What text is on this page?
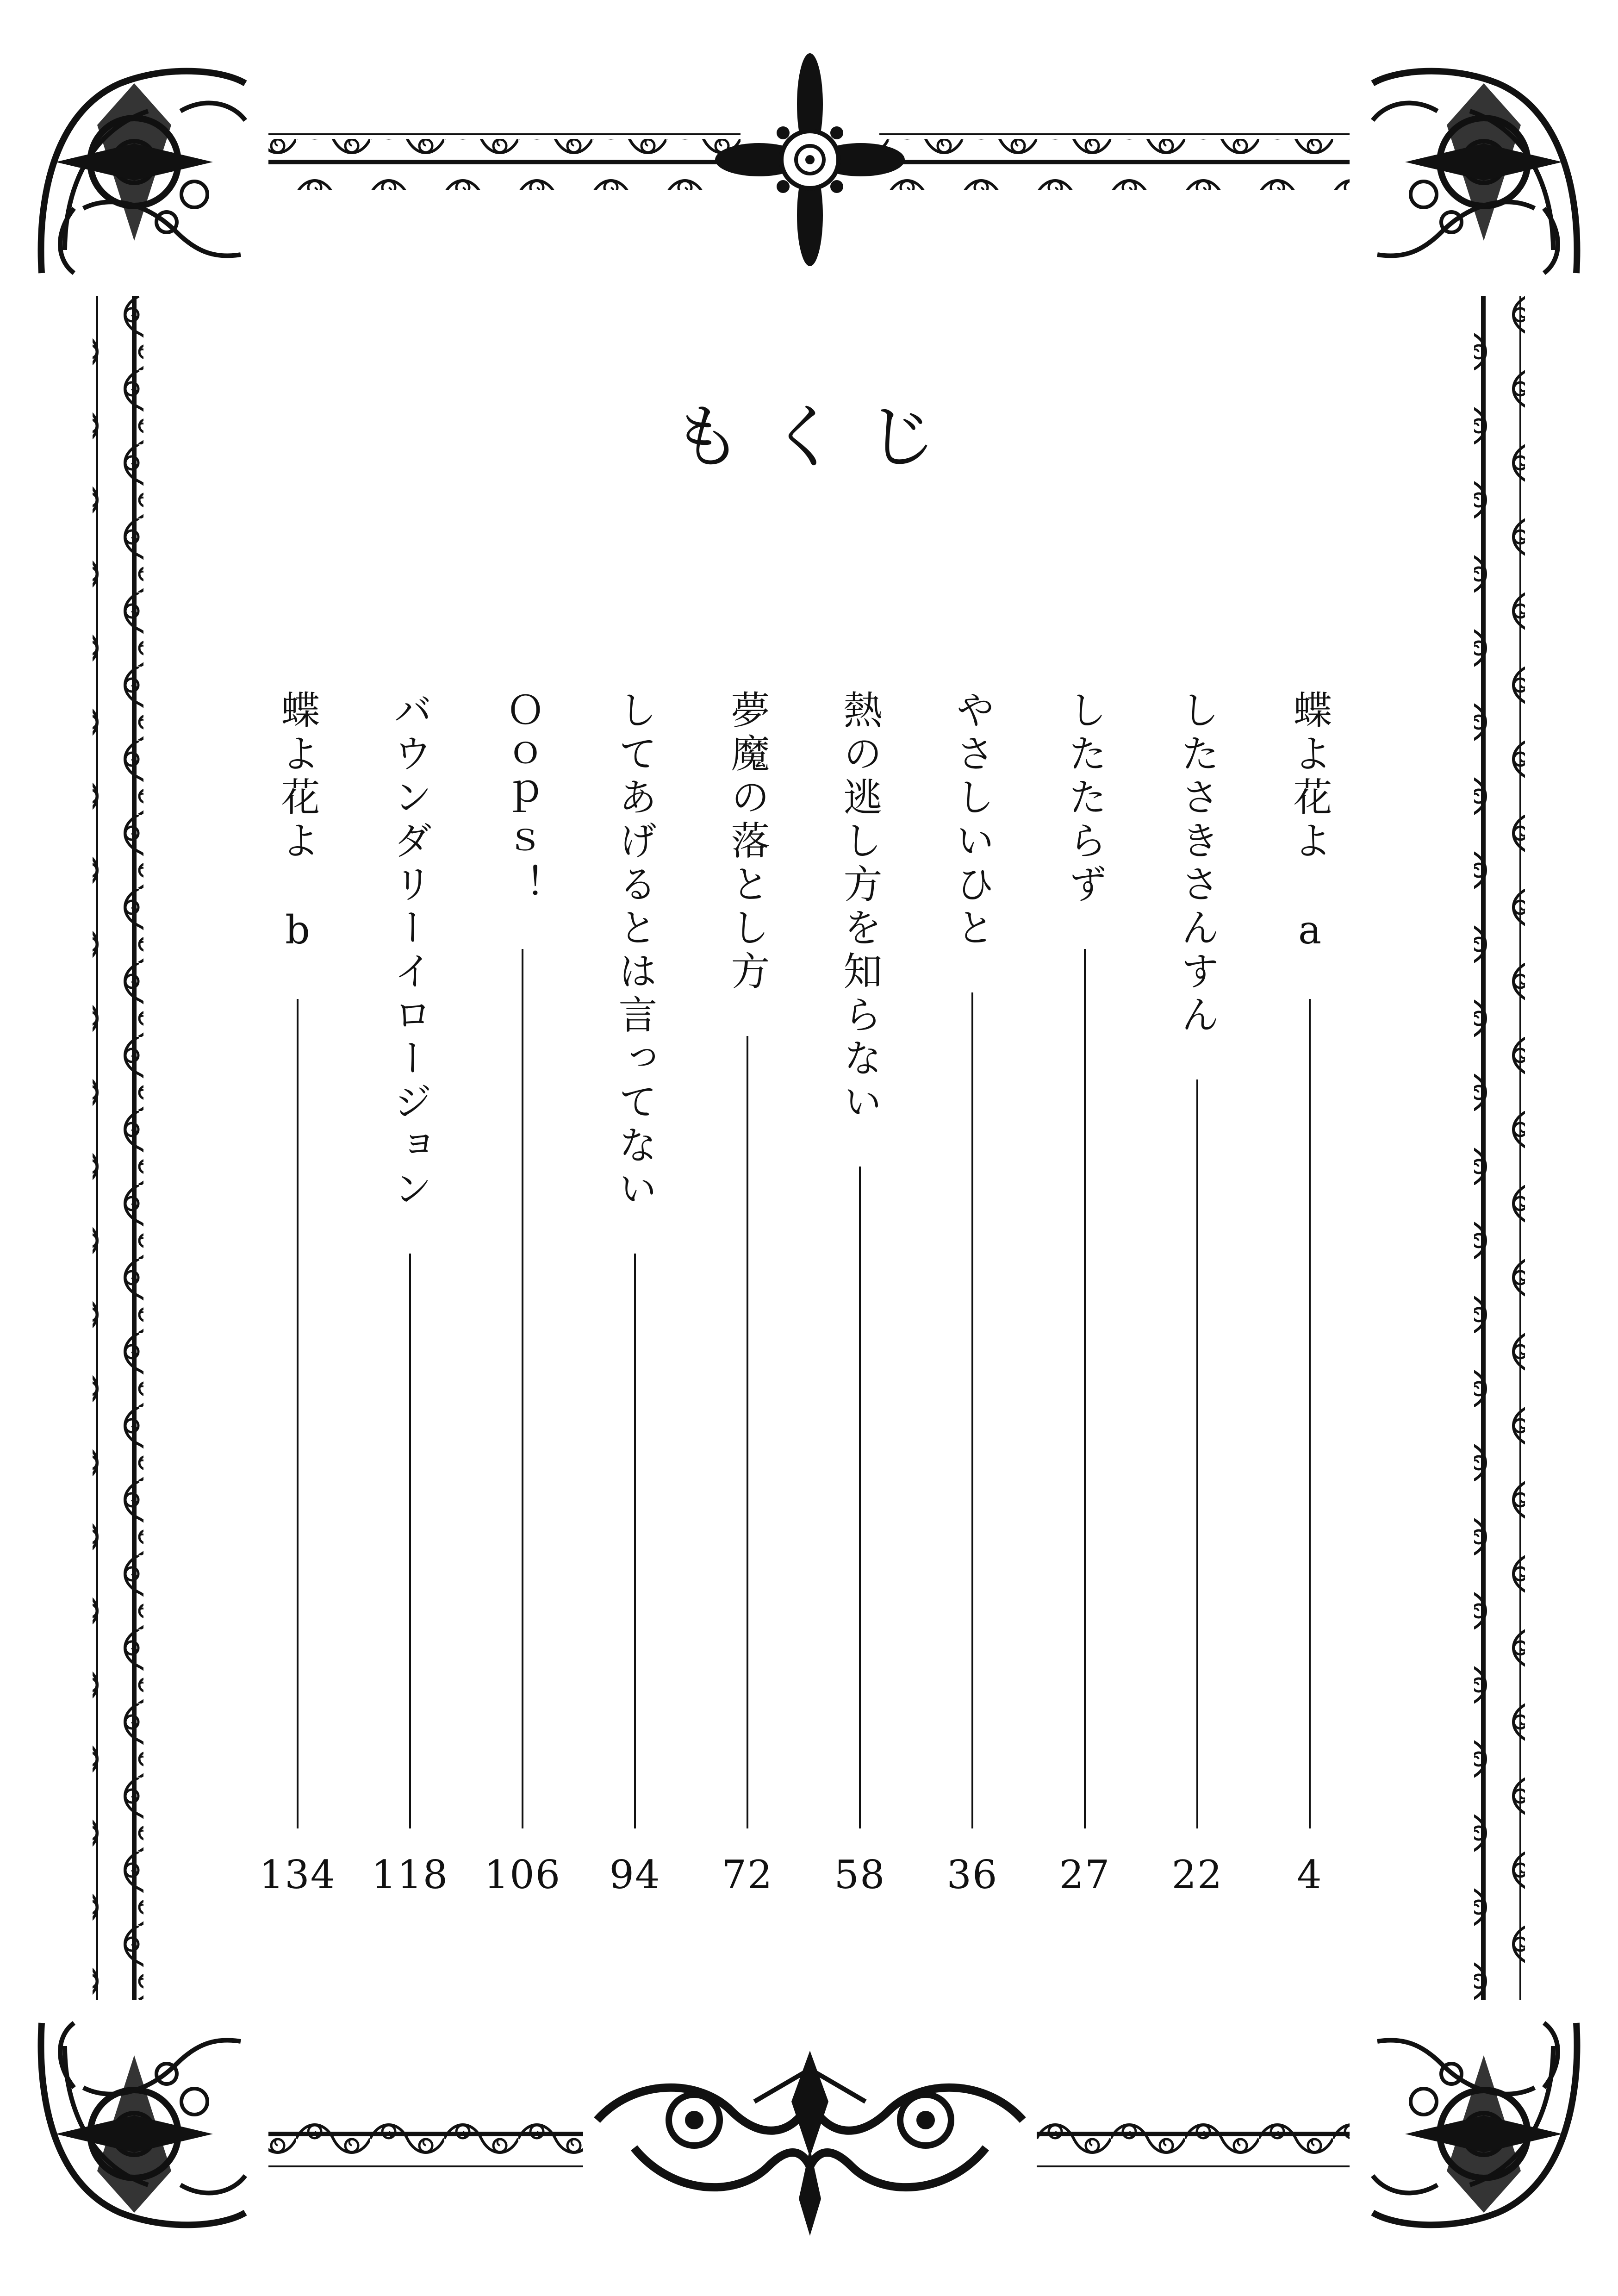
もくじ
蝶よ花よ　a
4
したさきさんすん
22
したたらず
27
やさしいひと
36
熱の逃し方を知らない
58
夢魔の落とし方
72
してあげるとは言ってない
94
Ｏｏｐｓ！
106
バウンダリーイロージョン
118
蝶よ花よ　b
134
